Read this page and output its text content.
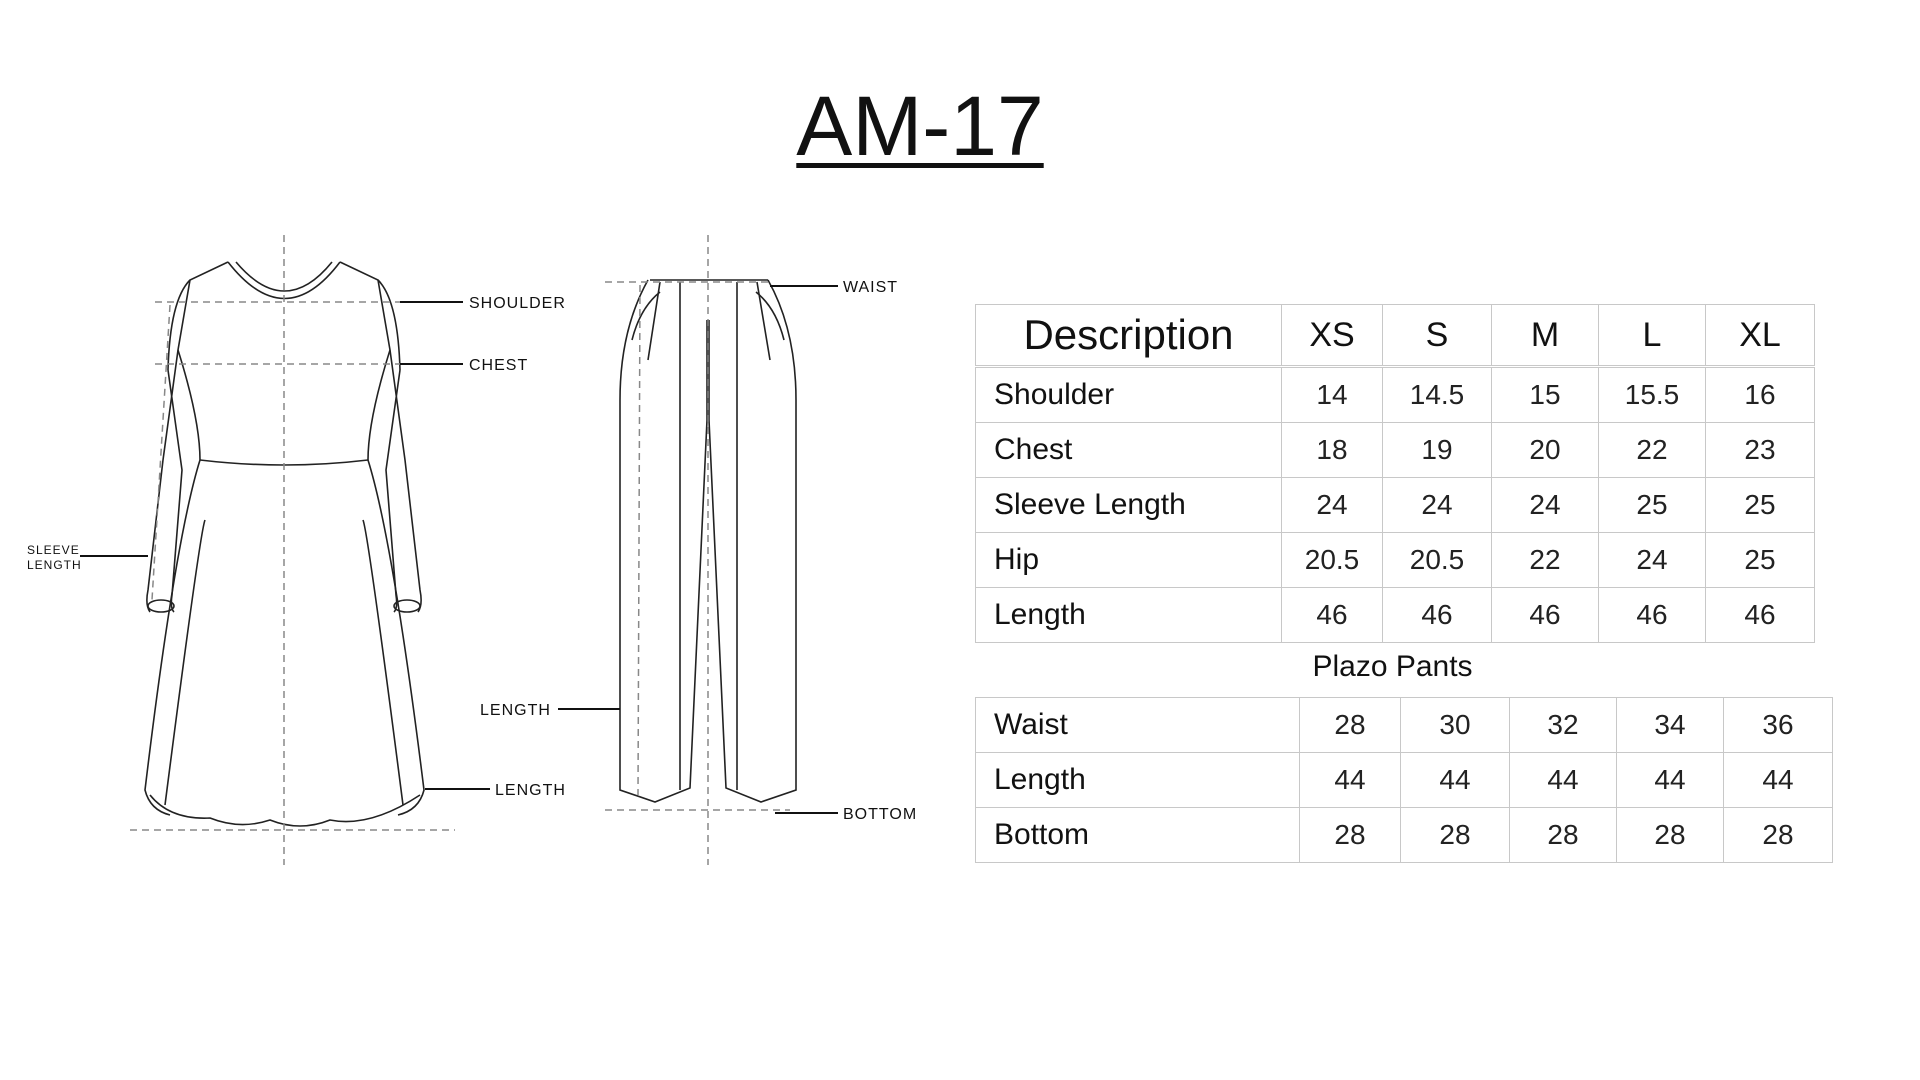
AM-17
SHOULDER
CHEST
SLEEVE
LENGTH
LENGTH
WAIST
LENGTH
BOTTOM
Description	XS	S	M	L	XL
Shoulder	14	14.5	15	15.5	16
Chest	18	19	20	22	23
Sleeve Length	24	24	24	25	25
Hip	20.5	20.5	22	24	25
Length	46	46	46	46	46
Plazo Pants
Waist	28	30	32	34	36
Length	44	44	44	44	44
Bottom	28	28	28	28	28
